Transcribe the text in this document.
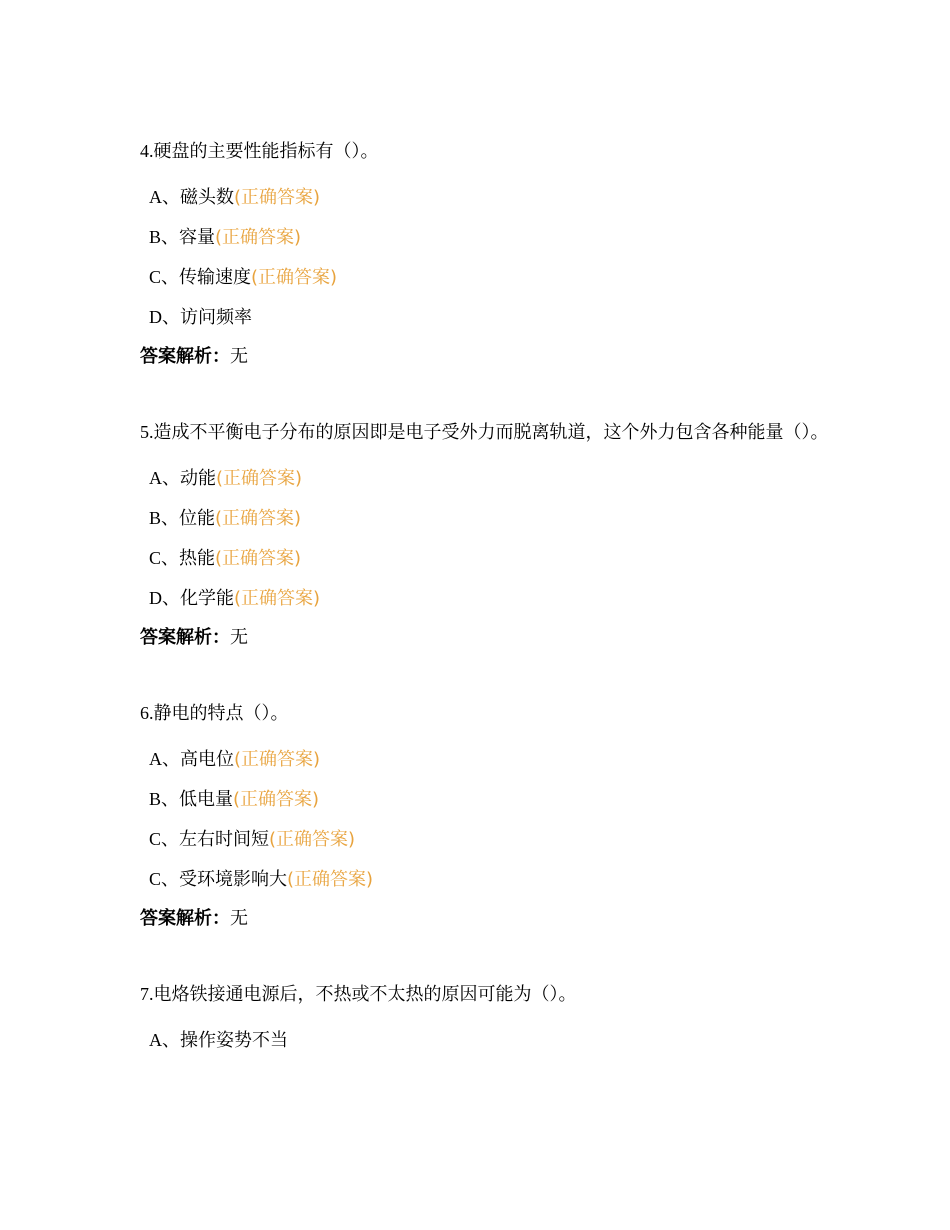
4.硬盘的主要性能指标有（）。
A、磁头数(正确答案)
B、容量(正确答案)
C、传输速度(正确答案)
D、访问频率
答案解析：无
5.造成不平衡电子分布的原因即是电子受外力而脱离轨道，这个外力包含各种能量（）。
A、动能(正确答案)
B、位能(正确答案)
C、热能(正确答案)
D、化学能(正确答案)
答案解析：无
6.静电的特点（）。
A、高电位(正确答案)
B、低电量(正确答案)
C、左右时间短(正确答案)
C、受环境影响大(正确答案)
答案解析：无
7.电烙铁接通电源后，不热或不太热的原因可能为（）。
A、操作姿势不当
